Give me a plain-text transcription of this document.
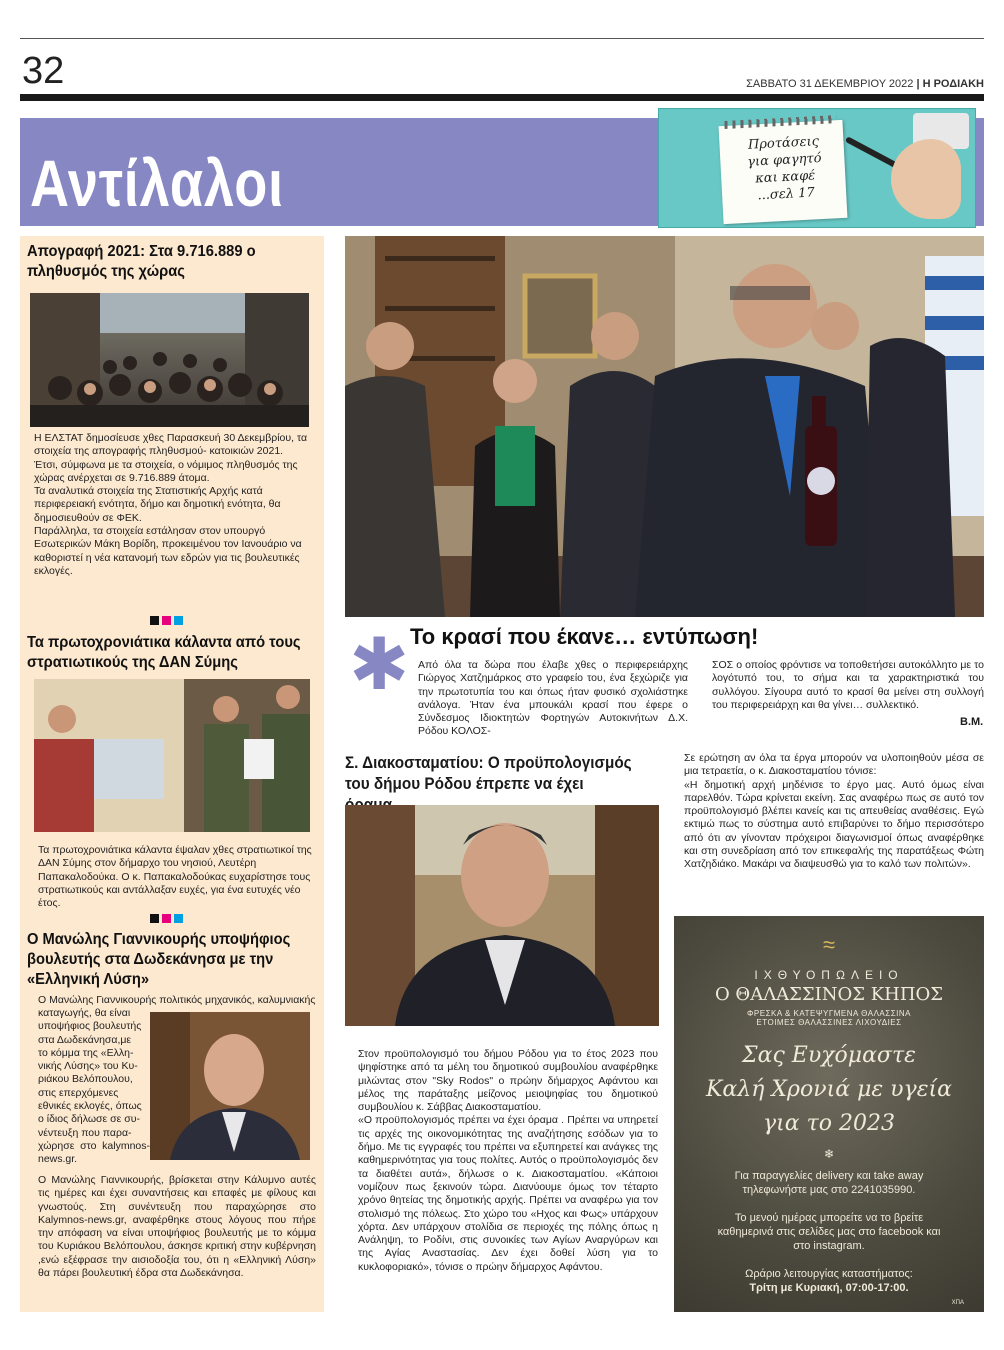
32	ΣΑΒΒΑΤΟ 31 ΔΕΚΕΜΒΡΙΟΥ 2022 | Η ΡΟΔΙΑΚΗ
Αντίλαλοι
Προτάσεις
για φαγητό
και καφέ
...σελ 17
Απογραφή 2021: Στα 9.716.889 ο πληθυσμός της χώρας
Η ΕΛΣΤΑΤ δημοσίευσε χθες Παρασκευή 30 Δεκεμβρίου, τα στοιχεία της απογραφής πληθυσμού- κατοικιών 2021.
Έτσι, σύμφωνα με τα στοιχεία, ο νόμιμος πληθυσμός της χώρας ανέρχεται σε 9.716.889 άτομα.
Τα αναλυτικά στοιχεία της Στατιστικής Αρχής κατά περιφερειακή ενότητα, δήμο και δημοτική ενότητα, θα δημοσιευθούν σε ΦΕΚ.
Παράλληλα, τα στοιχεία εστάλησαν στον υπουργό Εσωτερικών Μάκη Βορίδη, προκειμένου τον Ιανουάριο να καθοριστεί η νέα κατανομή των εδρών για τις βουλευτικές εκλογές.
Τα πρωτοχρονιάτικα κάλαντα από τους στρατιωτικούς της ΔΑΝ Σύμης
Τα πρωτοχρονιάτικα κάλαντα έψαλαν χθες στρατιωτικοί της ΔΑΝ Σύμης στον δήμαρχο του νησιού, Λευτέρη Παπακαλοδούκα. Ο κ. Παπακαλοδούκας ευχαρίστησε τους στρατιωτικούς και αντάλλαξαν ευχές, για ένα ευτυχές νέο έτος.
Ο Μανώλης Γιαννικουρής υποψήφιος βουλευτής στα Δωδεκάνησα με την «Ελληνική Λύση»
Ο Μανώλης Γιαννικουρής πολιτικός μηχανικός, καλυμνιακής
καταγωγής, θα είναι
υποψήφιος βουλευτής
στα Δωδεκάνησα,με
το κόμμα της «Ελλη-
νικής Λύσης» του Κυ-
ριάκου Βελόπουλου,
στις επερχόμενες
εθνικές εκλογές, όπως
ο ίδιος δήλωσε σε συ-
νέντευξη που παρα-
χώρησε στο kalymnos-news.gr.
Ο Μανώλης Γιαννικουρής, βρίσκεται στην Κάλυμνο αυτές τις ημέρες και έχει συναντήσεις και επαφές με φίλους και γνωστούς. Στη συνέντευξη που παραχώρησε στο Kalymnos-news.gr, αναφέρθηκε στους λόγους που πήρε την απόφαση να είναι υποψήφιος βουλευτής με το κόμμα του Κυριάκου Βελόπουλου, άσκησε κριτική στην κυβέρνηση ,ενώ εξέφρασε την αισιοδοξία του, ότι η «Ελληνική Λύση» θα πάρει βουλευτική έδρα στα Δωδεκάνησα.
✱ Το κρασί που έκανε… εντύπωση!
Από όλα τα δώρα που έλαβε χθες ο περιφερειάρχης Γιώργος Χατζημάρκος στο γραφείο του, ένα ξεχώριζε για την πρωτοτυπία του και όπως ήταν φυσικό σχολιάστηκε ανάλογα. Ήταν ένα μπουκάλι κρασί που έφερε ο Σύνδεσμος Ιδιοκτητών Φορτηγών Αυτοκινήτων Δ.Χ. Ρόδου ΚΟΛΟΣ-
ΣΟΣ ο οποίος φρόντισε να τοποθετήσει αυτοκόλλητο με το λογότυπό του, το σήμα και τα χαρακτηριστικά του συλλόγου. Σίγουρα αυτό το κρασί θα μείνει στη συλλογή του περιφερειάρχη και θα γίνει… συλλεκτικό.
Β.Μ.
Σ. Διακοσταματίου: Ο προϋπολογισμός του δήμου Ρόδου έπρεπε να έχει
Στον προϋπολογισμό του δήμου Ρόδου για το έτος 2023 που ψηφίστηκε από τα μέλη του δημοτικού συμβουλίου αναφέρθηκε μιλώντας στον "Sky Rodos" ο πρώην δήμαρχος Αφάντου και μέλος της παράταξης μείζονος μειοψηφίας του δημοτικού συμβουλίου κ. Σάββας Διακοσταματίου.
«Ο προϋπολογισμός πρέπει να έχει όραμα . Πρέπει να υπηρετεί τις αρχές της οικονομικότητας της αναζήτησης εσόδων για το δήμο. Με τις εγγραφές του πρέπει να εξυπηρετεί και ανάγκες της καθημερινότητας για τους πολίτες. Αυτός ο προϋπολογισμός δεν τα διαθέτει αυτά», δήλωσε ο κ. Διακοσταματίου. «Κάποιοι νομίζουν πως ξεκινούν τώρα. Διανύουμε όμως τον τέταρτο χρόνο θητείας της δημοτικής αρχής. Πρέπει να αναφέρω για τον στολισμό της πόλεως. Στο χώρο του «Ηχος και Φως» υπάρχουν χόρτα. Δεν υπάρχουν στολίδια σε περιοχές της πόλης όπως η Ανάληψη, το Ροδίνι, στις συνοικίες των Αγίων Αναργύρων και της Αγίας Αναστασίας. Δεν έχει δοθεί λύση για το κυκλοφοριακό», τόνισε ο πρώην δήμαρχος Αφάντου.
Σε ερώτηση αν όλα τα έργα μπορούν να υλοποιηθούν μέσα σε μια τετραετία, ο κ. Διακοσταματίου τόνισε:
«Η δημοτική αρχή μηδένισε το έργο μας. Αυτό όμως είναι παρελθόν. Τώρα κρίνεται εκείνη. Σας αναφέρω πως σε αυτό τον προϋπολογισμό βλέπει κανείς και τις απευθείας αναθέσεις. Εγώ εκτιμώ πως το σύστημα αυτό επιβαρύνει το δήμο περισσότερο από ότι αν γίνονταν πρόχειροι διαγωνισμοί όπως αναφέρθηκε και στη συνεδρίαση από τον επικεφαλής της παρατάξεως Φώτη Χατζηδιάκο. Μακάρι να διαψευσθώ για το καλό των πολιτών».
≈
ΙΧΘΥΟΠΩΛΕΙΟ
Ο ΘΑΛΑΣΣΙΝΟΣ ΚΗΠΟΣ
ΦΡΕΣΚΑ & ΚΑΤΕΨΥΓΜΕΝΑ ΘΑΛΑΣΣΙΝΑ
ΕΤΟΙΜΕΣ ΘΑΛΑΣΣΙΝΕΣ ΛΙΧΟΥΔΙΕΣ
Σας Ευχόμαστε
Καλή Χρονιά με υγεία
για το 2023
❄
Για παραγγελίες delivery και take away τηλεφωνήστε μας στο 2241035990.
Το μενού ημέρας μπορείτε να το βρείτε καθημερινά στις σελίδες μας στο facebook και στο instagram.
Ωράριο λειτουργίας καταστήματος:
Τρίτη με Κυριακή, 07:00-17:00.
ΧΠΑ
